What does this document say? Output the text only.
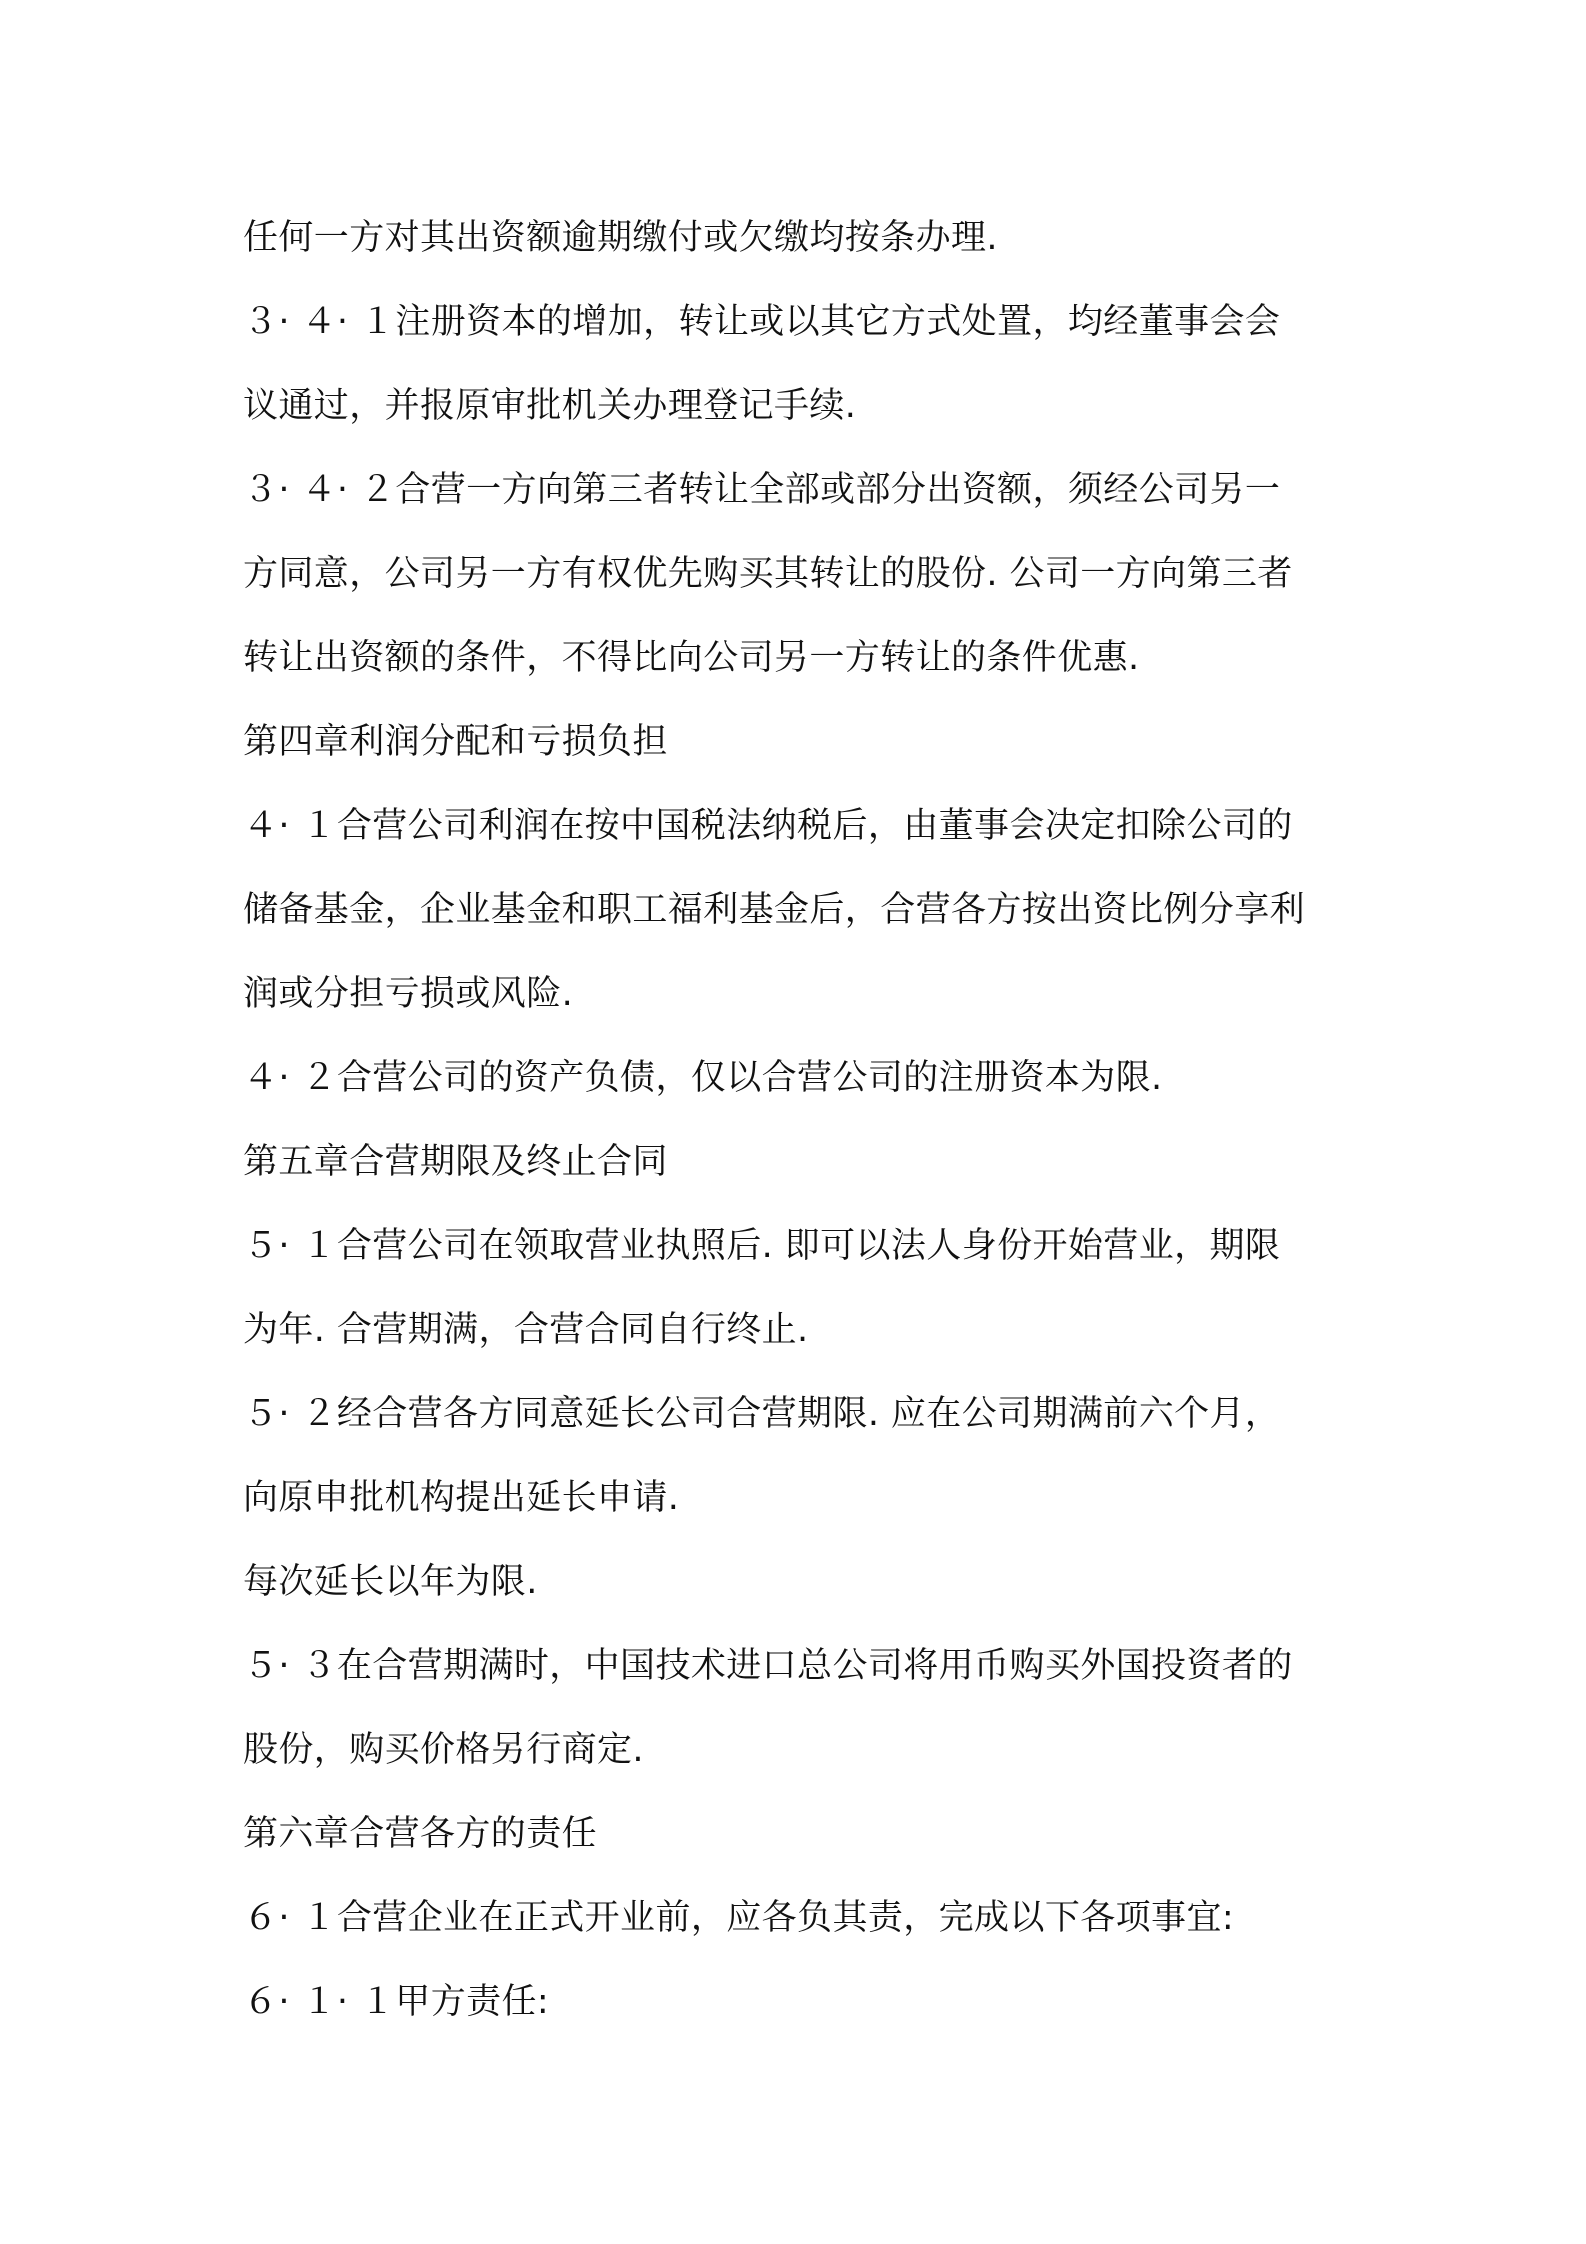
任何一方对其出资额逾期缴付或欠缴均按条办理.
３· ４· １注册资本的增加，转让或以其它方式处置，均经董事会会
议通过，并报原审批机关办理登记手续.
３· ４· ２合营一方向第三者转让全部或部分出资额，须经公司另一
方同意，公司另一方有权优先购买其转让的股份. 公司一方向第三者
转让出资额的条件，不得比向公司另一方转让的条件优惠.
第四章利润分配和亏损负担
４· １合营公司利润在按中国税法纳税后，由董事会决定扣除公司的
储备基金，企业基金和职工福利基金后，合营各方按出资比例分享利
润或分担亏损或风险.
４· ２合营公司的资产负债，仅以合营公司的注册资本为限.
第五章合营期限及终止合同
５· １合营公司在领取营业执照后. 即可以法人身份开始营业，期限
为年. 合营期满，合营合同自行终止.
５· ２经合营各方同意延长公司合营期限. 应在公司期满前六个月，
向原申批机构提出延长申请.
每次延长以年为限.
５· ３在合营期满时，中国技术进口总公司将用币购买外国投资者的
股份，购买价格另行商定.
第六章合营各方的责任
６· １合营企业在正式开业前，应各负其责，完成以下各项事宜:
６· １· １甲方责任:
